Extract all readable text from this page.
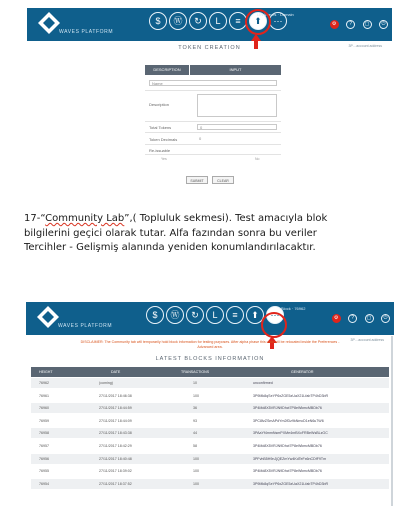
WAVES PLATFORM
$	Ⓦ	↻	L	≡	⬆	⋯
LIN Waves · Domain
⚙	?	▢ ⏻
3P…account address
TOKEN CREATION
DESCRIPTION	INPUT
Name
Description
Total Tokens	0
Token Decimals	0
Re-issuable
Yes	No
SUBMIT	CLEAR
17-“Community Lab”,( Topluluk sekmesi). Test amacıyla blok
bilgilerini geçici olarak tutar. Alfa fazından sonra bu veriler
Tercihler - Gelişmiş alanında yeniden konumlandırılacaktır.
WAVES PLATFORM
$	Ⓦ	↻	L	≡	⬆	⋯
Block · 76962
⚙	?	▢ ⏻
3P…account address
DISCLAIMER: The Community tab will temporarily hold block information for testing purposes. After alpha phase this data will be relocated inside the Preferences -
Advanced area.
LATEST BLOCKS INFORMATION
HEIGHT	DATE	TRANSACTIONS	GENERATOR
76962	(coming)	10	unconfirmed
76961	27/11/2017 18:46:38	100	3P9Mk8qSeYP6xZGE5zUaX21LfabTP4hD3bR
76960	27/11/2017 18:44:59	36	3P4Md8X5VRJN9Dhct7P8eWkmcMBDb76
76959	27/11/2017 18:44:09	93	3PC8fzZSmAPdYm2fDz9kNmcD1eN6u7W6
76958	27/11/2017 18:43:38	44	3PAaYf4mmNsmPXMe4nrBXcFRBeWsBLzGC
76957	27/11/2017 18:42:29	58	3P4Md8X5VRJN9Dhct7P8eWkmcMBDb76
76956	27/11/2017 18:40:48	100	3PFvhB5H9nJjQEZmYw4KdTeFx6nCDfF9Tm
76955	27/11/2017 18:39:02	100	3P4Md8X5VRJN9Dhct7P8eWkmcMBDb76
76954	27/11/2017 18:37:52	100	3P9Mk8qSeYP6xZGE5zUaX21LfabTP4hD3bR
